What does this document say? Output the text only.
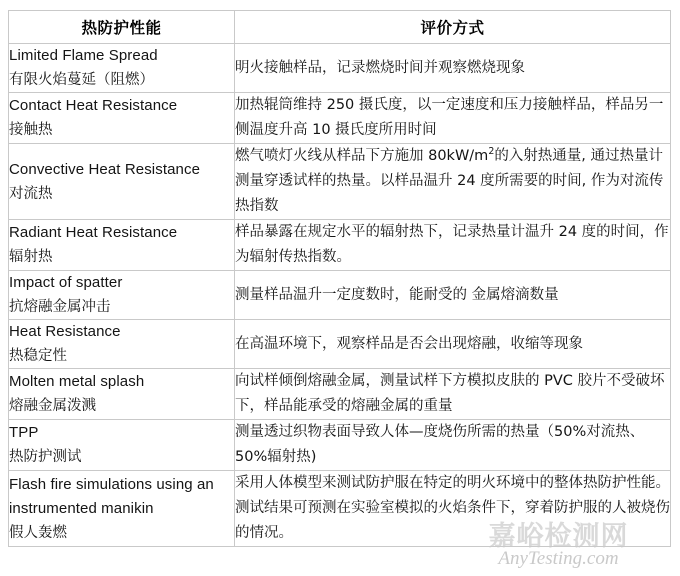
嘉峪检测网
AnyTesting.com
热防护性能	评价方式

Limited Flame Spread
有限火焰蔓延（阻燃）	明火接触样品，记录燃烧时间并观察燃烧现象

Contact Heat Resistance
接触热	加热辊筒维持 250 摄氏度，以一定速度和压力接触样品，样品另一侧温度升高 10 摄氏度所用时间

Convective Heat Resistance
对流热	燃气喷灯火线从样品下方施加 $80kW/m^2$的入射热通量, 通过热量计测量穿透试样的热量。以样品温升 24 度所需要的时间, 作为对流传热指数

Radiant Heat Resistance
辐射热	样品暴露在规定水平的辐射热下，记录热量计温升 24 度的时间，作为辐射传热指数。

Impact of spatter
抗熔融金属冲击	测量样品温升一定度数时，能耐受的 金属熔滴数量

Heat Resistance
热稳定性	在高温环境下，观察样品是否会出现熔融，收缩等现象

Molten metal splash
熔融金属泼溅	向试样倾倒熔融金属，测量试样下方模拟皮肤的 PVC 胶片不受破坏下，样品能承受的熔融金属的重量

TPP
热防护测试	测量透过织物表面导致人体—度烧伤所需的热量（50%对流热、50%辐射热)

Flash fire simulations using an instrumented manikin
假人轰燃	采用人体模型来测试防护服在特定的明火环境中的整体热防护性能。测试结果可预测在实验室模拟的火焰条件下，穿着防护服的人被烧伤的情况。
